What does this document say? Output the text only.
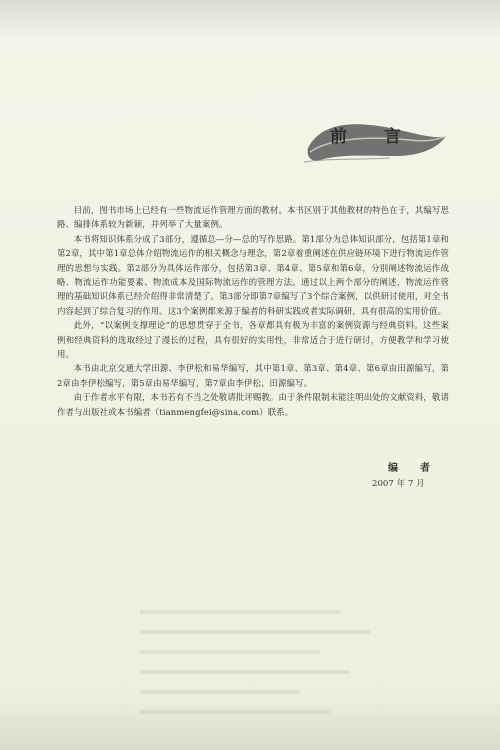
前　言

目前，图书市场上已经有一些物流运作管理方面的教材。本书区别于其他教材的特色在于，其编写思路、编排体系较为新颖，并列举了大量案例。

本书将知识体系分成了3部分，遵循总—分—总的写作思路。第1部分为总体知识部分，包括第1章和第2章，其中第1章总体介绍物流运作的相关概念与理念，第2章着重阐述在供应链环境下进行物流运作管理的思想与实践。第2部分为具体运作部分，包括第3章、第4章、第5章和第6章，分别阐述物流运作战略、物流运作功能要素、物流成本及国际物流运作的管理方法。通过以上两个部分的阐述，物流运作管理的基础知识体系已经介绍得非常清楚了。第3部分即第7章编写了3个综合案例，以供研讨使用，对全书内容起到了综合复习的作用。这3个案例都来源于编者的科研实践或者实际调研，具有很高的实用价值。

此外，“以案例支撑理论”的思想贯穿于全书，各章都具有极为丰富的案例资源与经典资料。这些案例和经典资料的选取经过了漫长的过程，具有很好的实用性，非常适合于进行研讨，方便教学和学习使用。

本书由北京交通大学田源、李伊松和易华编写，其中第1章、第3章、第4章、第6章由田源编写，第2章由李伊松编写，第5章由易华编写，第7章由李伊松、田源编写。

由于作者水平有限，本书若有不当之处敬请批评赐教。由于条件限制未能注明出处的文献资料，敬请作者与出版社或本书编者（tianmengfei@sina.com）联系。

编　者
2007 年 7 月
